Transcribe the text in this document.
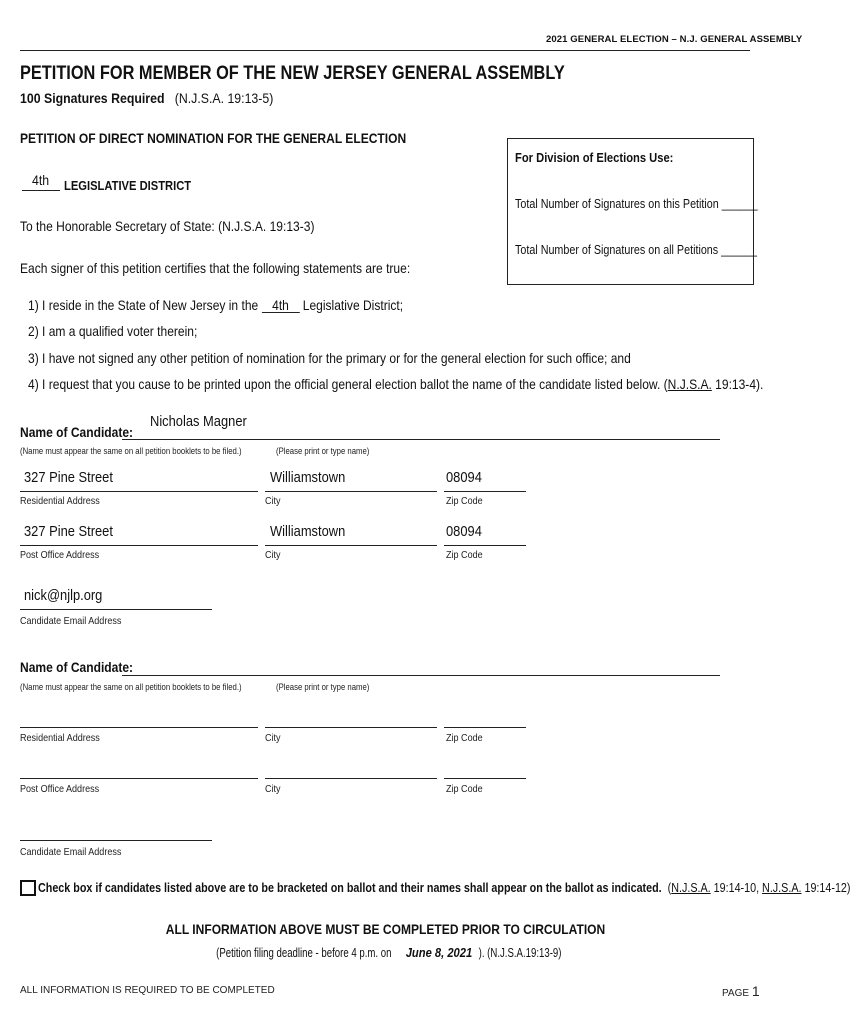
2021 GENERAL ELECTION – N.J. GENERAL ASSEMBLY
PETITION FOR MEMBER OF THE NEW JERSEY GENERAL ASSEMBLY
100 Signatures Required (N.J.S.A. 19:13-5)
PETITION OF DIRECT NOMINATION FOR THE GENERAL ELECTION
For Division of Elections Use:
Total Number of Signatures on this Petition ______
Total Number of Signatures on all Petitions ______
4th LEGISLATIVE DISTRICT
To the Honorable Secretary of State: (N.J.S.A. 19:13-3)
Each signer of this petition certifies that the following statements are true:
1) I reside in the State of New Jersey in the 4th Legislative District;
2) I am a qualified voter therein;
3) I have not signed any other petition of nomination for the primary or for the general election for such office; and
4) I request that you cause to be printed upon the official general election ballot the name of the candidate listed below. (N.J.S.A. 19:13-4).
Name of Candidate:
Nicholas Magner
(Name must appear the same on all petition booklets to be filed.)	(Please print or type name)
327 Pine Street	Williamstown	08094
Residential Address	City	Zip Code
327 Pine Street	Williamstown	08094
Post Office Address	City	Zip Code
nick@njlp.org
Candidate Email Address
Name of Candidate:
(Name must appear the same on all petition booklets to be filed.)	(Please print or type name)
Residential Address	City	Zip Code
Post Office Address	City	Zip Code
Candidate Email Address
Check box if candidates listed above are to be bracketed on ballot and their names shall appear on the ballot as indicated.  (N.J.S.A. 19:14-10, N.J.S.A. 19:14-12)
ALL INFORMATION ABOVE MUST BE COMPLETED PRIOR TO CIRCULATION
(Petition filing deadline - before 4 p.m. onJune 8, 2021 ). (N.J.S.A.19:13-9)
ALL INFORMATION IS REQUIRED TO BE COMPLETED	PAGE 1
